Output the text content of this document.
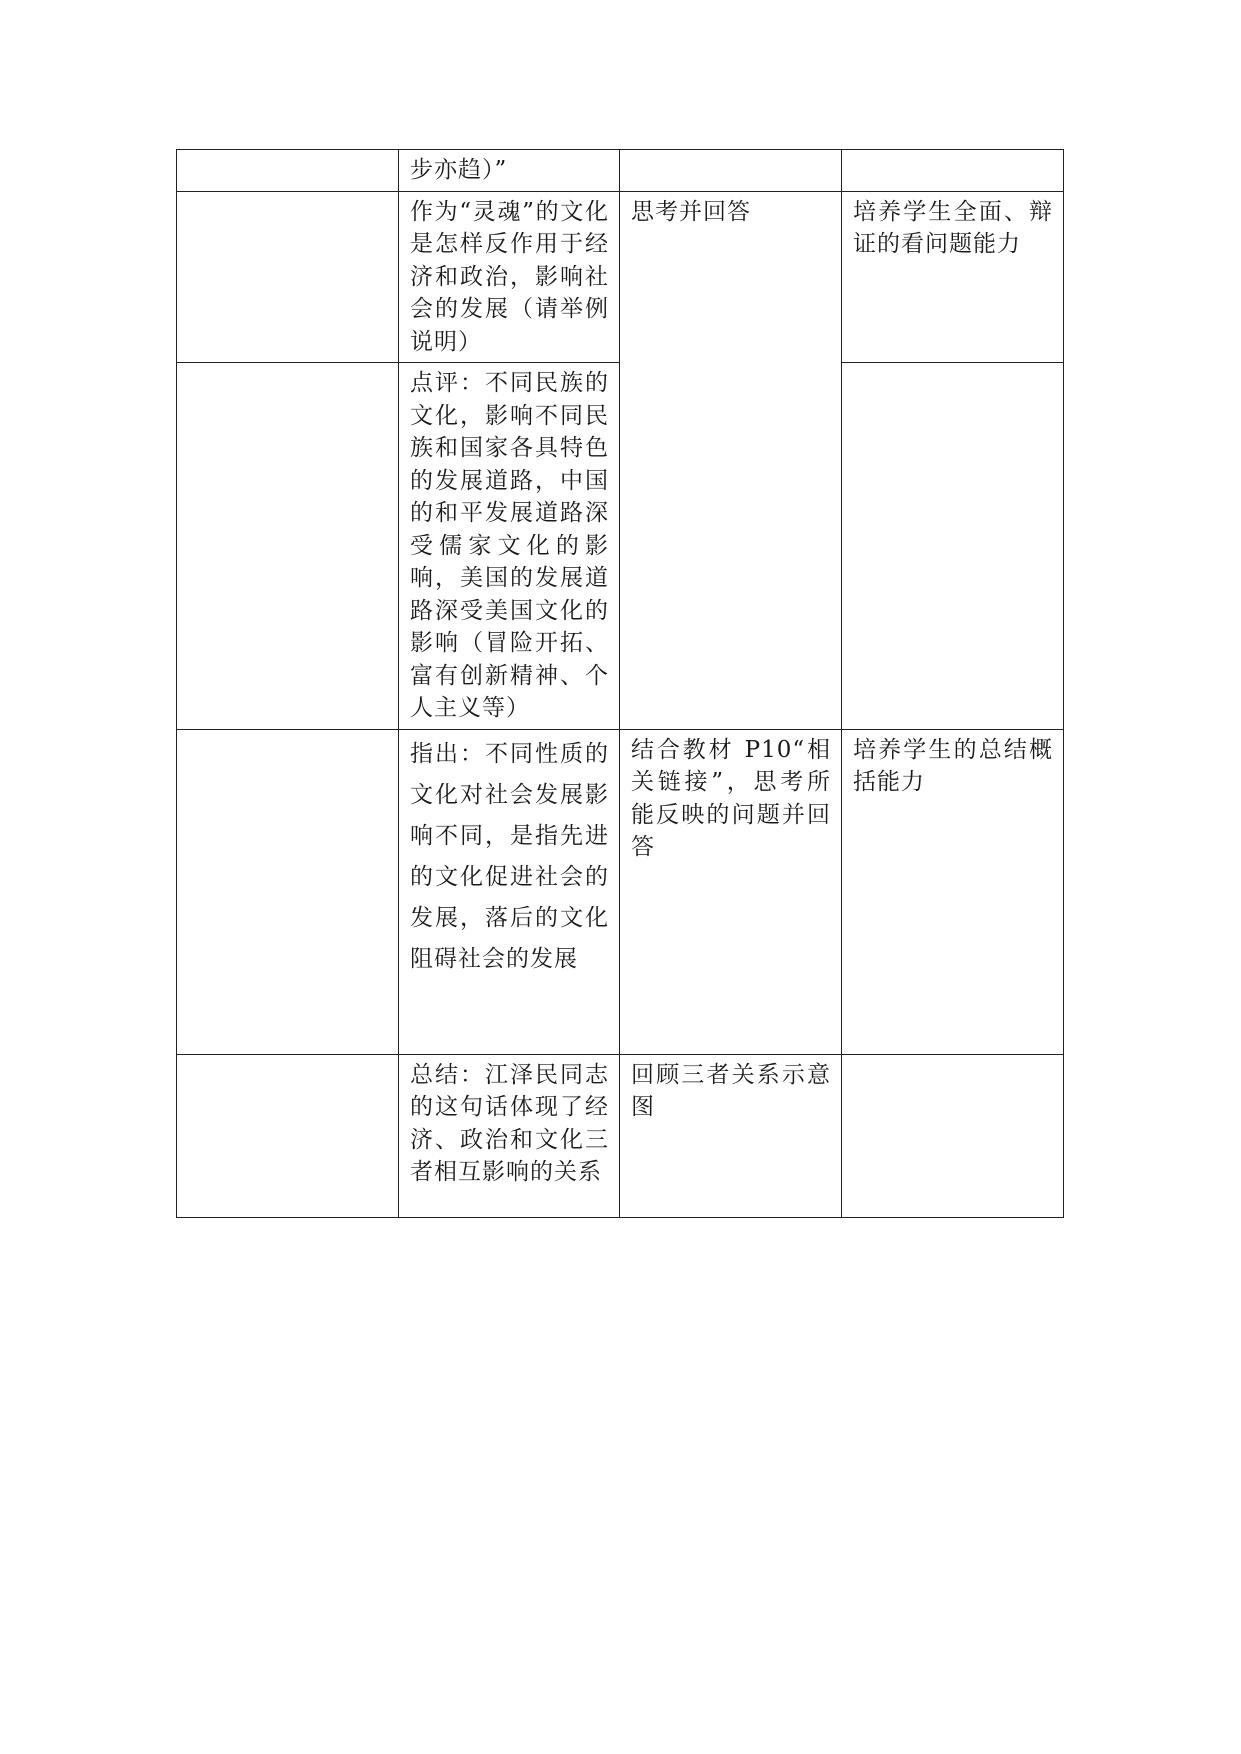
	步亦趋）”		
	作为“灵魂”的文化是怎样反作用于经济和政治，影响社会的发展（请举例说明）	思考并回答	培养学生全面、辩证的看问题能力
	点评：不同民族的文化，影响不同民族和国家各具特色的发展道路，中国的和平发展道路深受儒家文化的影响，美国的发展道路深受美国文化的影响（冒险开拓、富有创新精神、个人主义等）		
	指出：不同性质的文化对社会发展影响不同，是指先进的文化促进社会的发展，落后的文化阻碍社会的发展	结合教材 P10“相关链接”，思考所能反映的问题并回答	培养学生的总结概括能力
	总结：江泽民同志的这句话体现了经济、政治和文化三者相互影响的关系	回顾三者关系示意图	
